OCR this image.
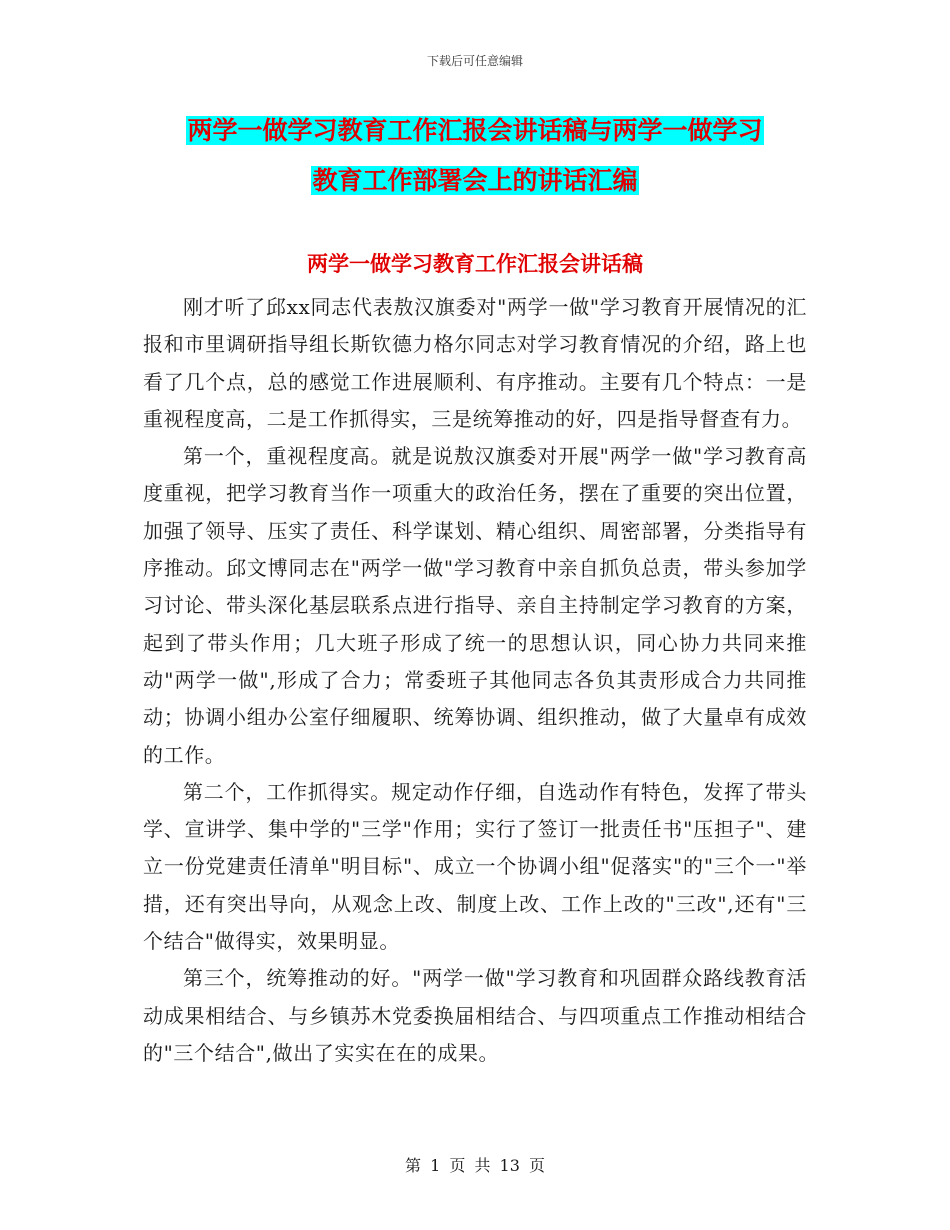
下载后可任意编辑
两学一做学习教育工作汇报会讲话稿与两学一做学习
教育工作部署会上的讲话汇编
两学一做学习教育工作汇报会讲话稿

刚才听了邱xx同志代表敖汉旗委对"两学一做"学习教育开展情况的汇报和市里调研指导组长斯钦德力格尔同志对学习教育情况的介绍，路上也看了几个点，总的感觉工作进展顺利、有序推动。主要有几个特点：一是重视程度高，二是工作抓得实，三是统筹推动的好，四是指导督查有力。

第一个，重视程度高。就是说敖汉旗委对开展"两学一做"学习教育高度重视，把学习教育当作一项重大的政治任务，摆在了重要的突出位置，加强了领导、压实了责任、科学谋划、精心组织、周密部署，分类指导有序推动。邱文博同志在"两学一做"学习教育中亲自抓负总责，带头参加学习讨论、带头深化基层联系点进行指导、亲自主持制定学习教育的方案，起到了带头作用；几大班子形成了统一的思想认识，同心协力共同来推动"两学一做",形成了合力；常委班子其他同志各负其责形成合力共同推动；协调小组办公室仔细履职、统筹协调、组织推动，做了大量卓有成效的工作。

第二个，工作抓得实。规定动作仔细，自选动作有特色，发挥了带头学、宣讲学、集中学的"三学"作用；实行了签订一批责任书"压担子"、建立一份党建责任清单"明目标"、成立一个协调小组"促落实"的"三个一"举措，还有突出导向，从观念上改、制度上改、工作上改的"三改",还有"三个结合"做得实，效果明显。

第三个，统筹推动的好。"两学一做"学习教育和巩固群众路线教育活动成果相结合、与乡镇苏木党委换届相结合、与四项重点工作推动相结合的"三个结合",做出了实实在在的成果。

第 1 页 共 13 页
